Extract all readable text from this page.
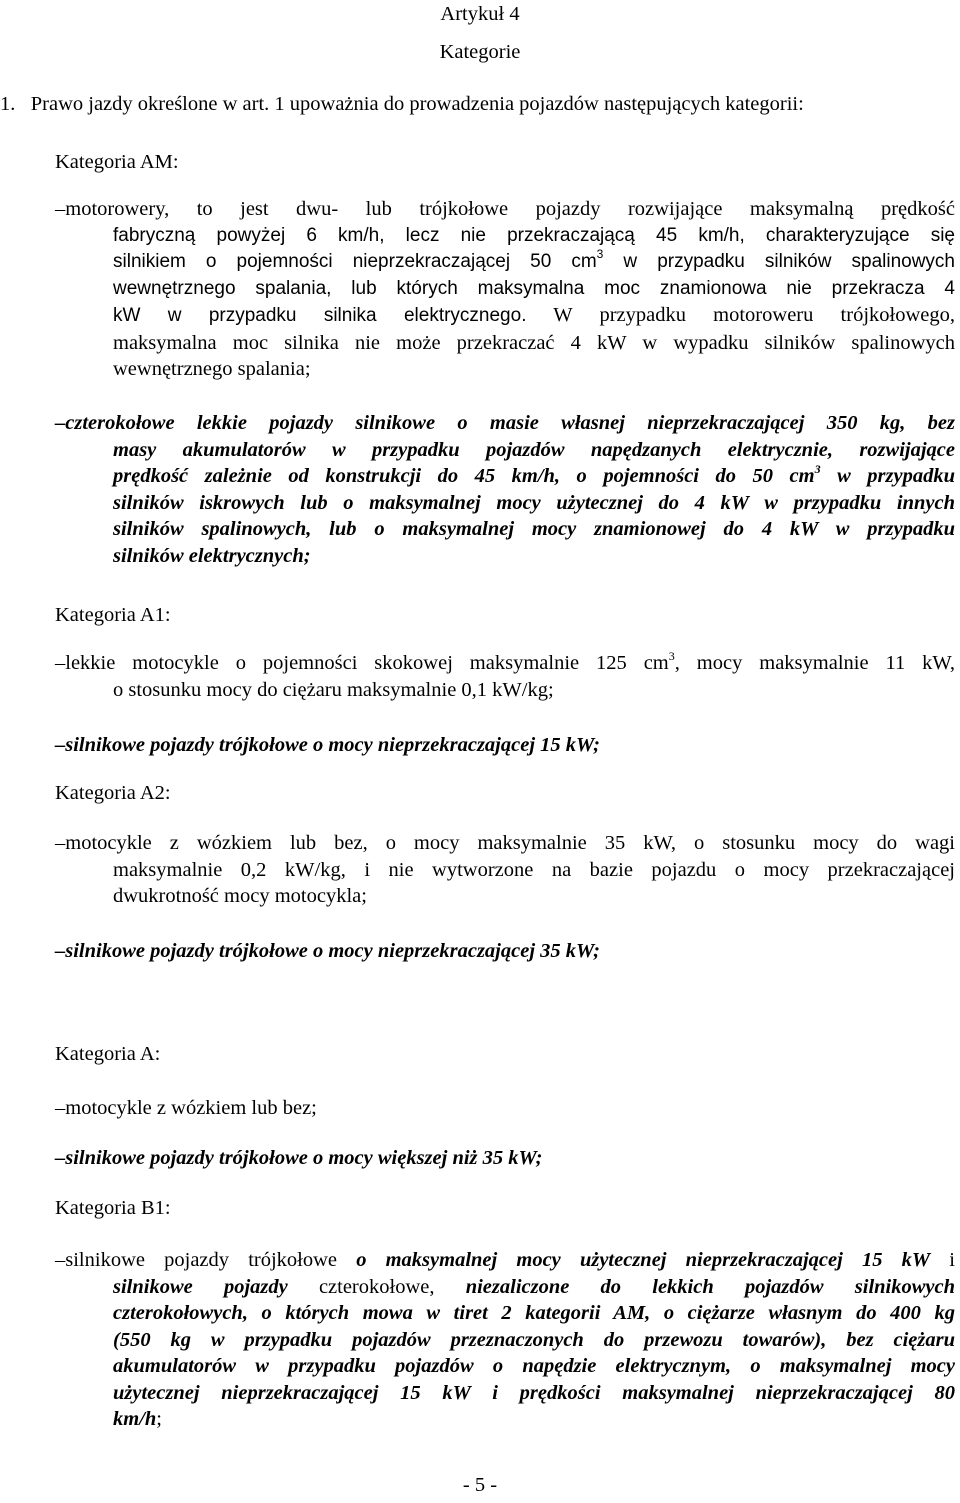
Artykuł 4
Kategorie
1.   Prawo jazdy określone w art. 1 upoważnia do prowadzenia pojazdów następujących kategorii:
Kategoria AM:
–motorowery, to jest dwu- lub trójkołowe pojazdy rozwijające maksymalną prędkość
fabryczną powyżej 6 km/h, lecz nie przekraczającą 45 km/h, charakteryzujące się
silnikiem o pojemności nieprzekraczającej 50 $cm^3$ w przypadku silników spalinowych
wewnętrznego spalania, lub których maksymalna moc znamionowa nie przekracza 4
kW w przypadku silnika elektrycznego. W przypadku motoroweru trójkołowego,
maksymalna moc silnika nie może przekraczać 4 kW w wypadku silników spalinowych
wewnętrznego spalania;
–czterokołowe lekkie pojazdy silnikowe o masie własnej nieprzekraczającej 350 kg, bez
masy akumulatorów w przypadku pojazdów napędzanych elektrycznie, rozwijające
prędkość zależnie od konstrukcji do 45 km/h, o pojemności do 50 $cm^3$ w przypadku
silników iskrowych lub o maksymalnej mocy użytecznej do 4 kW w przypadku innych
silników spalinowych, lub o maksymalnej mocy znamionowej do 4 kW w przypadku
silników elektrycznych;
Kategoria A1:
–lekkie motocykle o pojemności skokowej maksymalnie 125 $cm^3$, mocy maksymalnie 11 kW,
o stosunku mocy do ciężaru maksymalnie 0,1 kW/kg;
–silnikowe pojazdy trójkołowe o mocy nieprzekraczającej 15 kW;
Kategoria A2:
–motocykle z wózkiem lub bez, o mocy maksymalnie 35 kW, o stosunku mocy do wagi
maksymalnie 0,2 kW/kg, i nie wytworzone na bazie pojazdu o mocy przekraczającej
dwukrotność mocy motocykla;
–silnikowe pojazdy trójkołowe o mocy nieprzekraczającej 35 kW;
Kategoria A:
–motocykle z wózkiem lub bez;
–silnikowe pojazdy trójkołowe o mocy większej niż 35 kW;
Kategoria B1:
–silnikowe pojazdy trójkołowe o maksymalnej mocy użytecznej nieprzekraczającej 15 kW i
silnikowe pojazdy czterokołowe, niezaliczone do lekkich pojazdów silnikowych
czterokołowych, o których mowa w tiret 2 kategorii AM, o ciężarze własnym do 400 kg
(550 kg w przypadku pojazdów przeznaczonych do przewozu towarów), bez ciężaru
akumulatorów w przypadku pojazdów o napędzie elektrycznym, o maksymalnej mocy
użytecznej nieprzekraczającej 15 kW i prędkości maksymalnej nieprzekraczającej 80
km/h;
- 5 -
